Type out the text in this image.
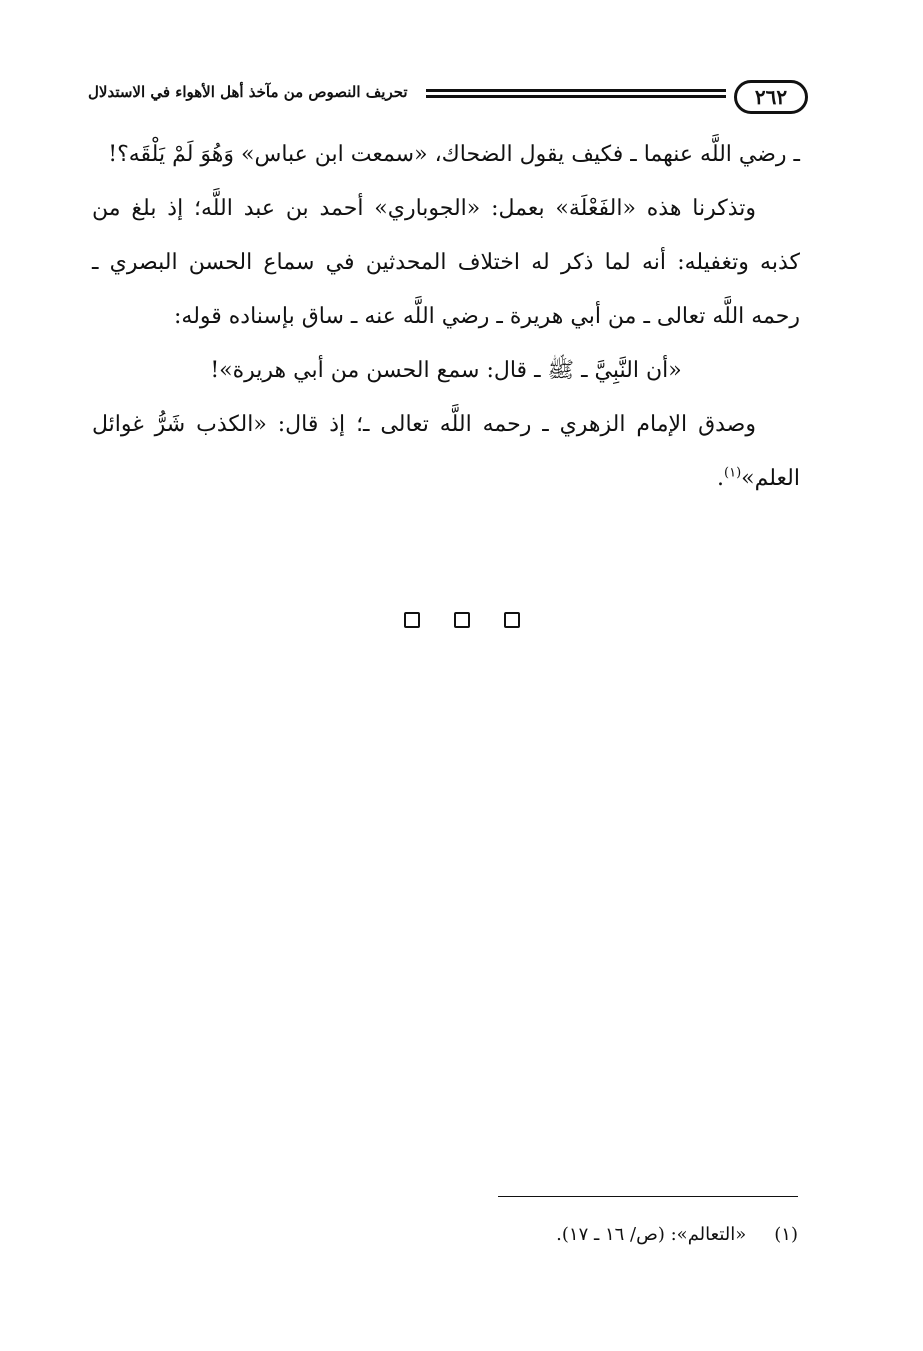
٢٦٢
تحريف النصوص من مآخذ أهل الأهواء في الاستدلال

ـ رضي اللَّه عنهما ـ فكيف يقول الضحاك، «سمعت ابن عباس» وَهُوَ لَمْ يَلْقَه؟!

وتذكرنا هذه «الفَعْلَة» بعمل: «الجوباري» أحمد بن عبد اللَّه؛ إذ بلغ من كذبه وتغفيله: أنه لما ذكر له اختلاف المحدثين في سماع الحسن البصري ـ رحمه اللَّه تعالى ـ من أبي هريرة ـ رضي اللَّه عنه ـ ساق بإسناده قوله:

«أن النَّبِيَّ ـ ﷺ ـ قال: سمع الحسن من أبي هريرة»!

وصدق الإمام الزهري ـ رحمه اللَّه تعالى ـ؛ إذ قال: «الكذب شَرُّ غوائل العلم»$^{(١)}$.

(١)«التعالم»: (ص/ ١٦ ـ ١٧).
